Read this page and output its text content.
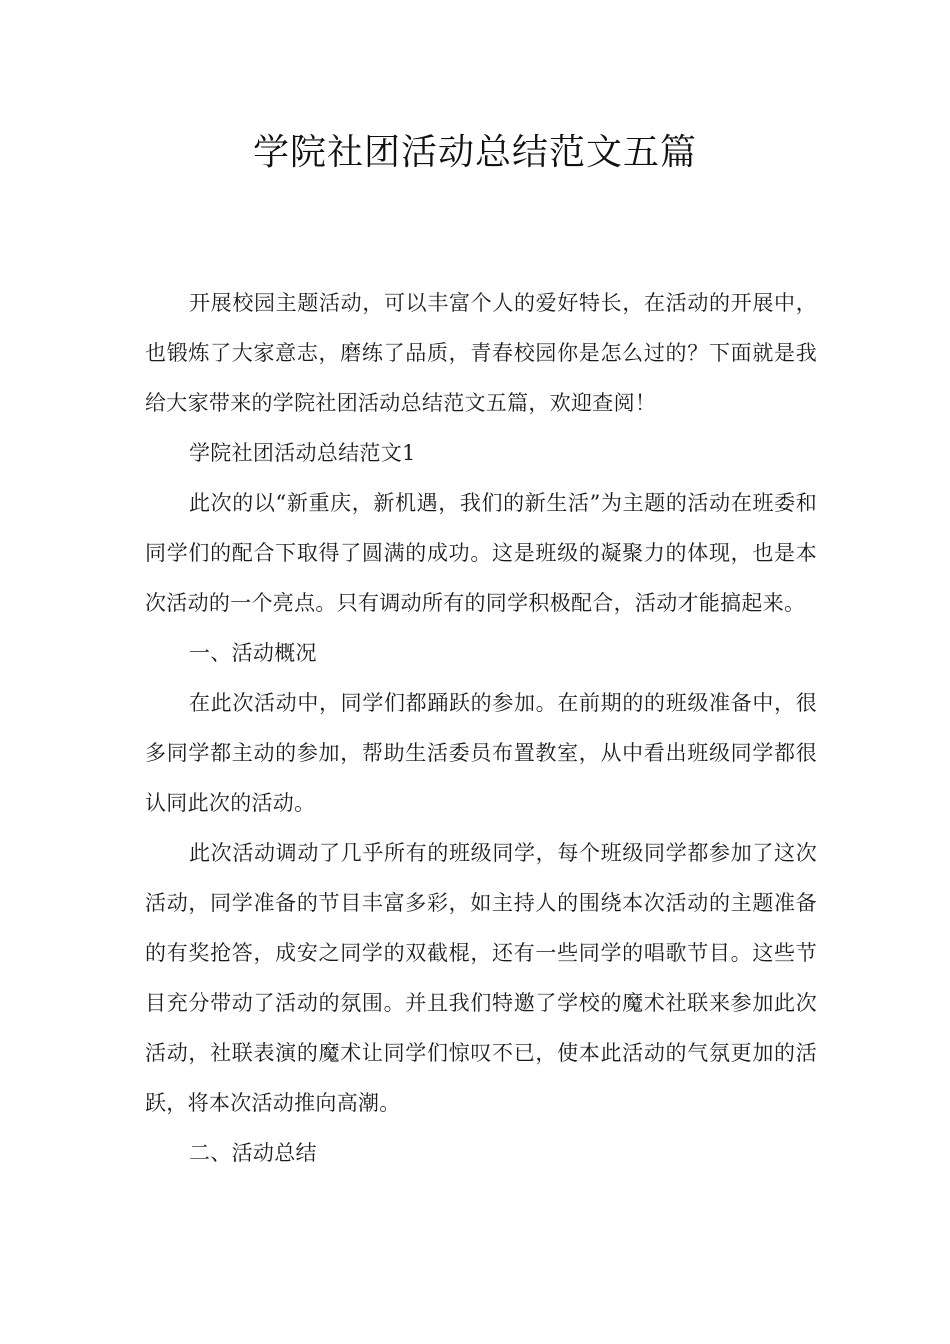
学院社团活动总结范文五篇

开展校园主题活动，可以丰富个人的爱好特长，在活动的开展中，也锻炼了大家意志，磨练了品质，青春校园你是怎么过的？下面就是我给大家带来的学院社团活动总结范文五篇，欢迎查阅！

学院社团活动总结范文1

此次的以“新重庆，新机遇，我们的新生活”为主题的活动在班委和同学们的配合下取得了圆满的成功。这是班级的凝聚力的体现，也是本次活动的一个亮点。只有调动所有的同学积极配合，活动才能搞起来。

一、活动概况

在此次活动中，同学们都踊跃的参加。在前期的的班级准备中，很多同学都主动的参加，帮助生活委员布置教室，从中看出班级同学都很认同此次的活动。

此次活动调动了几乎所有的班级同学，每个班级同学都参加了这次活动，同学准备的节目丰富多彩，如主持人的围绕本次活动的主题准备的有奖抢答，成安之同学的双截棍，还有一些同学的唱歌节目。这些节目充分带动了活动的氛围。并且我们特邀了学校的魔术社联来参加此次活动，社联表演的魔术让同学们惊叹不已，使本此活动的气氛更加的活跃，将本次活动推向高潮。

二、活动总结
